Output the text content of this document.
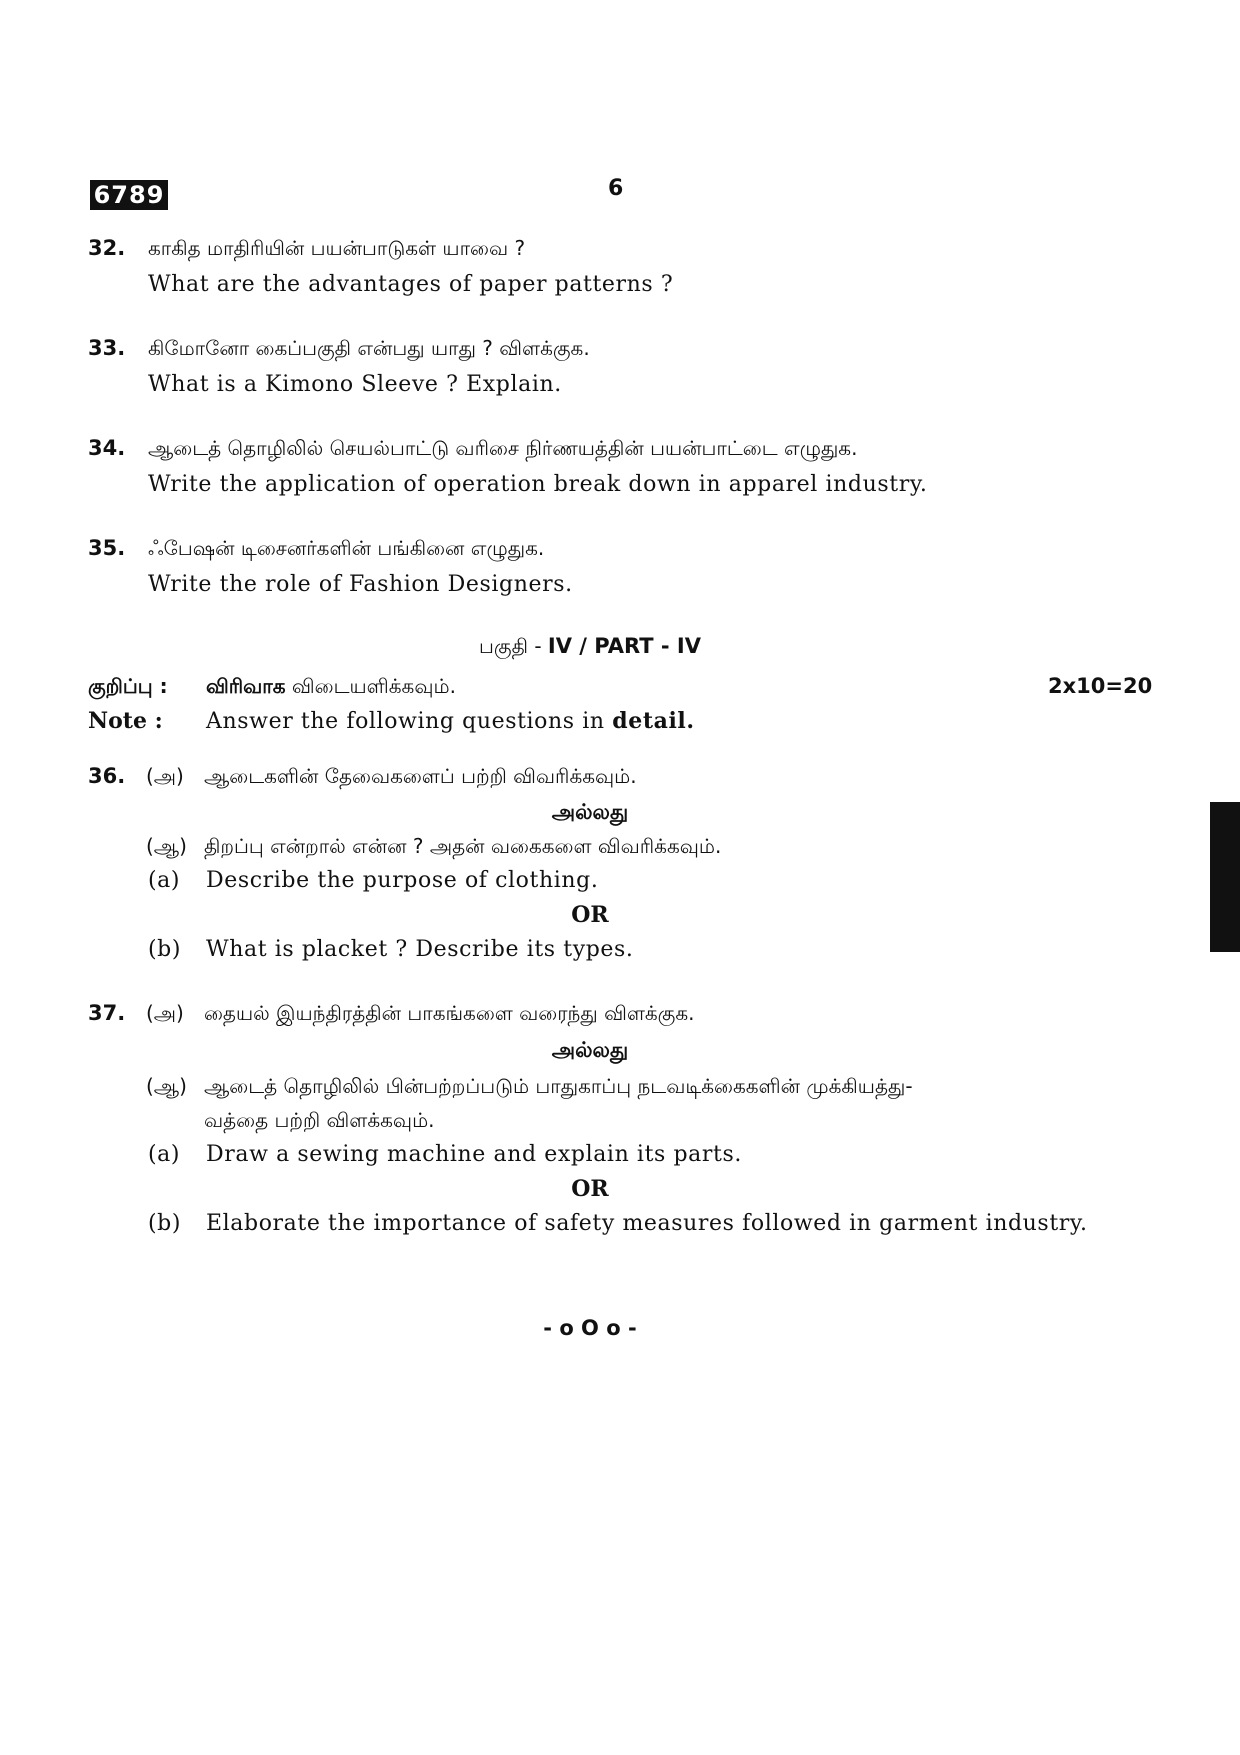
6789	6
32. காகித மாதிரியின் பயன்பாடுகள் யாவை ?
What are the advantages of paper patterns ?
33. கிமோனோ கைப்பகுதி என்பது யாது ? விளக்குக.
What is a Kimono Sleeve ? Explain.
34. ஆடைத் தொழிலில் செயல்பாட்டு வரிசை நிர்ணயத்தின் பயன்பாட்டை எழுதுக.
Write the application of operation break down in apparel industry.
35. ஃபேஷன் டிசைனர்களின் பங்கினை எழுதுக.
Write the role of Fashion Designers.
பகுதி - IV / PART - IV
குறிப்பு : விரிவாக விடையளிக்கவும்.	2x10=20
Note : Answer the following questions in detail.
36. (அ) ஆடைகளின் தேவைகளைப் பற்றி விவரிக்கவும்.
அல்லது
(ஆ) திறப்பு என்றால் என்ன ? அதன் வகைகளை விவரிக்கவும்.
(a) Describe the purpose of clothing.
OR
(b) What is placket ? Describe its types.
37. (அ) தையல் இயந்திரத்தின் பாகங்களை வரைந்து விளக்குக.
அல்லது
(ஆ) ஆடைத் தொழிலில் பின்பற்றப்படும் பாதுகாப்பு நடவடிக்கைகளின் முக்கியத்து-
வத்தை பற்றி விளக்கவும்.
(a) Draw a sewing machine and explain its parts.
OR
(b) Elaborate the importance of safety measures followed in garment industry.
- o O o -
